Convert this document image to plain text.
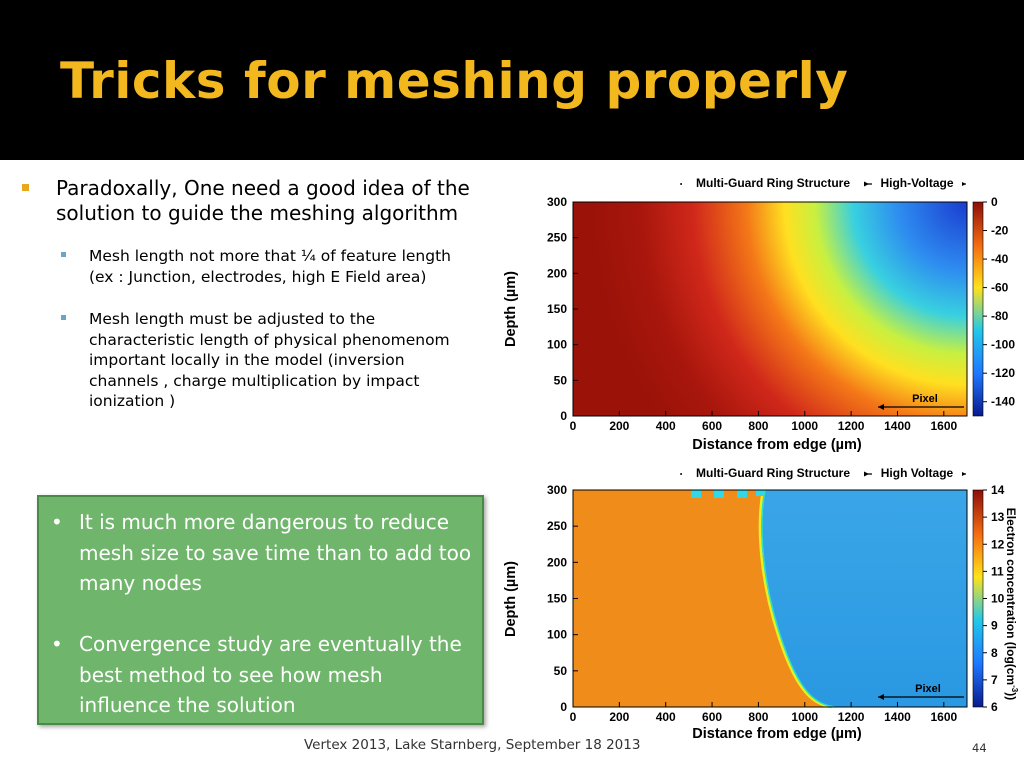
Tricks for meshing properly
Paradoxally, One need a good idea of the solution to guide the meshing algorithm
Mesh length not more that ¼ of feature length (ex : Junction, electrodes, high E Field area)
Mesh length must be adjusted to the characteristic length of physical phenomenom important locally in the model (inversion channels , charge multiplication by impact ionization )
• It is much more dangerous to reduce mesh size to save time than to add too many nodes
• Convergence study are eventually the best method to see how mesh influence the solution
0	200 400 600 800 1000 1200 1400 1600
0
50
100
150
200
250
300	0
-20
-40
-60
-80
-100
-120
-140
Multi-Guard Ring Structure	High-Voltage
Pixel
Distance from edge (µm)
Depth (µm)
0	200 400 600 800 1000 1200 1400 1600
0
50
100
150
200
250
300	14
13
12
11
10
9
8
7
6
Multi-Guard Ring Structure	High Voltage
Pixel
Distance from edge (µm)
Depth (µm)	Electron concentration $(\log(cm^{-3}))$
Vertex 2013, Lake Starnberg, September 18 2013	44
